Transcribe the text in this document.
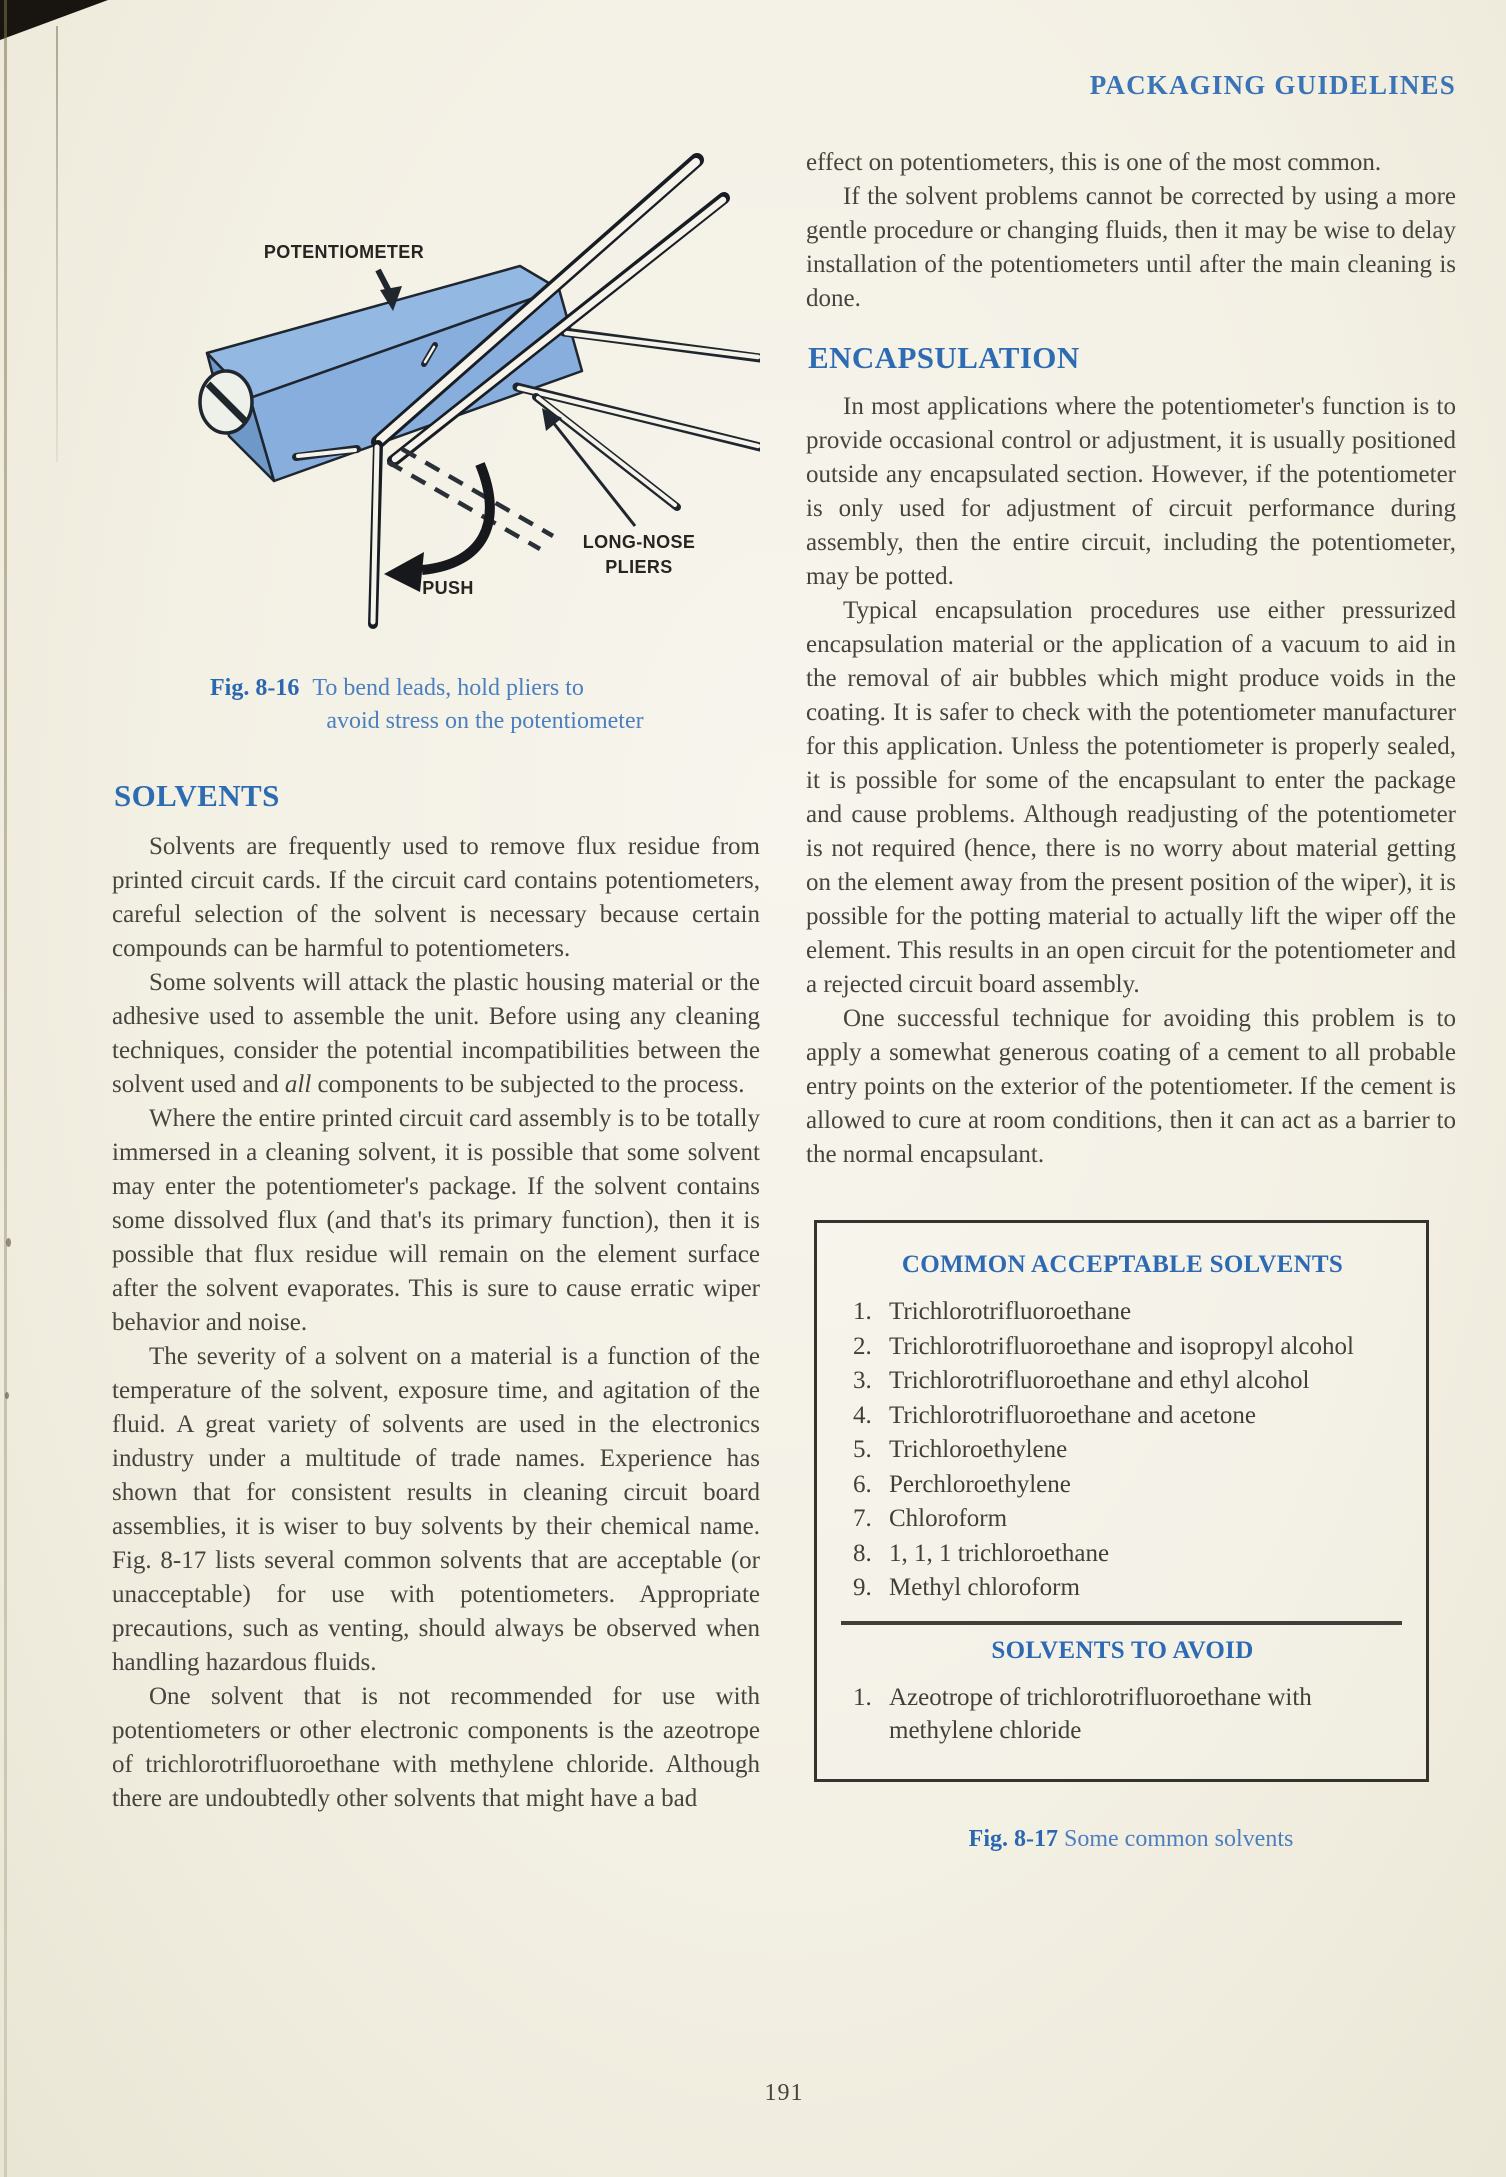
PACKAGING GUIDELINES
POTENTIOMETER
LONG-NOSE
PLIERS
PUSH
Fig. 8-16 To bend leads, hold pliers to
avoid stress on the potentiometer
SOLVENTS

Solvents are frequently used to remove flux residue from printed circuit cards. If the circuit card contains potentiometers, careful selection of the solvent is necessary because certain compounds can be harmful to potentiometers.

Some solvents will attack the plastic housing material or the adhesive used to assemble the unit. Before using any cleaning techniques, consider the potential incompatibilities between the solvent used and all components to be subjected to the process.

Where the entire printed circuit card assembly is to be totally immersed in a cleaning solvent, it is possible that some solvent may enter the potentiometer's package. If the solvent contains some dissolved flux (and that's its primary function), then it is possible that flux residue will remain on the element surface after the solvent evaporates. This is sure to cause erratic wiper behavior and noise.

The severity of a solvent on a material is a function of the temperature of the solvent, exposure time, and agitation of the fluid. A great variety of solvents are used in the electronics industry under a multitude of trade names. Experience has shown that for consistent results in cleaning circuit board assemblies, it is wiser to buy solvents by their chemical name. Fig. 8-17 lists several common solvents that are acceptable (or unacceptable) for use with potentiometers. Appropriate precautions, such as venting, should always be observed when handling hazardous fluids.

One solvent that is not recommended for use with potentiometers or other electronic components is the azeotrope of trichlorotrifluoroethane with methylene chloride. Although there are undoubtedly other solvents that might have a bad

effect on potentiometers, this is one of the most common.

If the solvent problems cannot be corrected by using a more gentle procedure or changing fluids, then it may be wise to delay installation of the potentiometers until after the main cleaning is done.

ENCAPSULATION

In most applications where the potentiometer's function is to provide occasional control or adjustment, it is usually positioned outside any encapsulated section. However, if the potentiometer is only used for adjustment of circuit performance during assembly, then the entire circuit, including the potentiometer, may be potted.

Typical encapsulation procedures use either pressurized encapsulation material or the application of a vacuum to aid in the removal of air bubbles which might produce voids in the coating. It is safer to check with the potentiometer manufacturer for this application. Unless the potentiometer is properly sealed, it is possible for some of the encapsulant to enter the package and cause problems. Although readjusting of the potentiometer is not required (hence, there is no worry about material getting on the element away from the present position of the wiper), it is possible for the potting material to actually lift the wiper off the element. This results in an open circuit for the potentiometer and a rejected circuit board assembly.

One successful technique for avoiding this problem is to apply a somewhat generous coating of a cement to all probable entry points on the exterior of the potentiometer. If the cement is allowed to cure at room conditions, then it can act as a barrier to the normal encapsulant.

COMMON ACCEPTABLE SOLVENTS
1. Trichlorotrifluoroethane
2. Trichlorotrifluoroethane and isopropyl alcohol
3. Trichlorotrifluoroethane and ethyl alcohol
4. Trichlorotrifluoroethane and acetone
5. Trichloroethylene
6. Perchloroethylene
7. Chloroform
8. 1, 1, 1 trichloroethane
9. Methyl chloroform
SOLVENTS TO AVOID
1. Azeotrope of trichlorotrifluoroethane with methylene chloride
Fig. 8-17 Some common solvents
191
